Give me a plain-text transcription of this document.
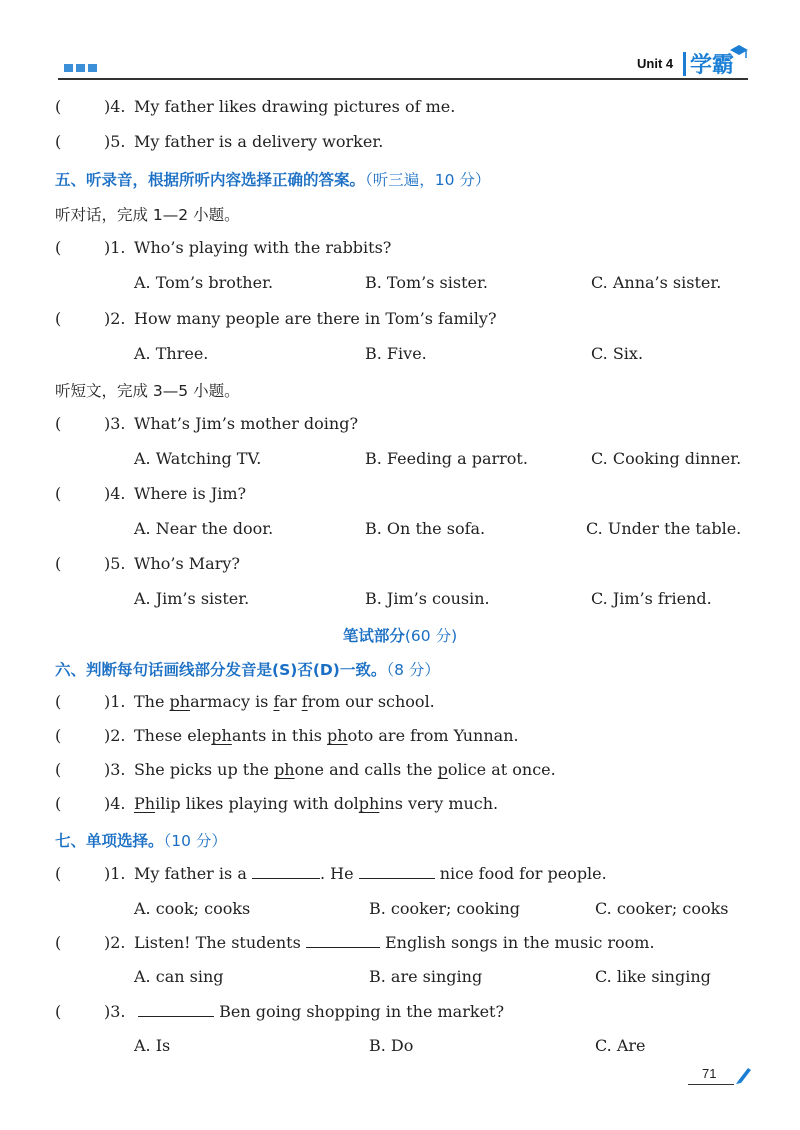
Unit 4 学霸
(	)4. My father likes drawing pictures of me.
(	)5. My father is a delivery worker.
五、听录音，根据所听内容选择正确的答案。（听三遍，10 分）
听对话，完成 1—2 小题。
(	)1. Who’s playing with the rabbits?
A. Tom’s brother.	B. Tom’s sister.	C. Anna’s sister.
(	)2. How many people are there in Tom’s family?
A. Three.	B. Five.	C. Six.
听短文，完成 3—5 小题。
(	)3. What’s Jim’s mother doing?
A. Watching TV.	B. Feeding a parrot.	C. Cooking dinner.
(	)4. Where is Jim?
A. Near the door.	B. On the sofa.	C. Under the table.
(	)5. Who’s Mary?
A. Jim’s sister.	B. Jim’s cousin.	C. Jim’s friend.
笔试部分(60 分)
六、判断每句话画线部分发音是(S)否(D)一致。（8 分）
(	)1. The pharmacy is far from our school.
(	)2. These elephants in this photo are from Yunnan.
(	)3. She picks up the phone and calls the police at once.
(	)4. Philip likes playing with dolphins very much.
七、单项选择。（10 分）
(	)1. My father is a	. He	nice food for people.
A. cook; cooks	B. cooker; cooking	C. cooker; cooks
(	)2. Listen! The students	English songs in the music room.
A. can sing	B. are singing	C. like singing
(	)3.	Ben going shopping in the market?
A. Is	B. Do	C. Are
71
